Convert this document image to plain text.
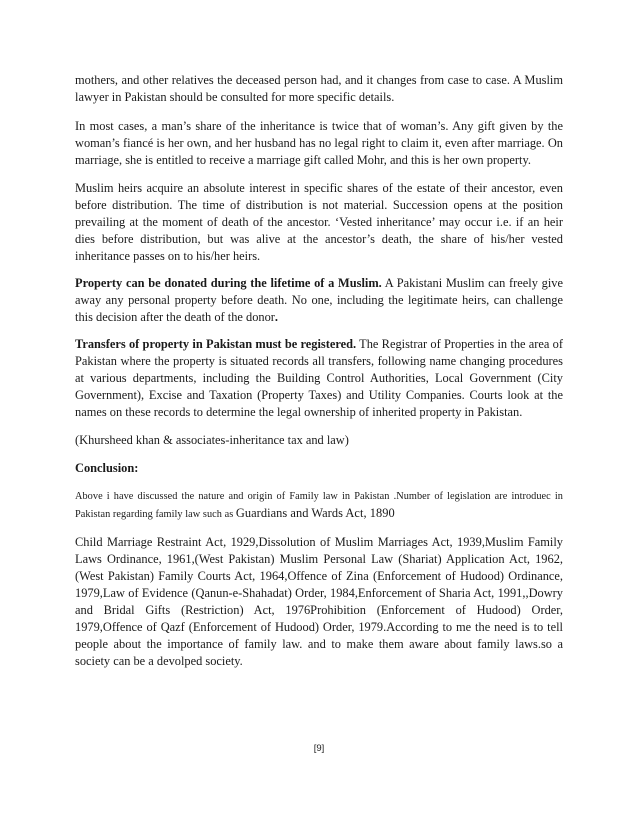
mothers, and other relatives the deceased person had, and it changes from case to case. A Muslim lawyer in Pakistan should be consulted for more specific details.

In most cases, a man’s share of the inheritance is twice that of woman’s. Any gift given by the woman’s fiancé is her own, and her husband has no legal right to claim it, even after marriage. On marriage, she is entitled to receive a marriage gift called Mohr, and this is her own property.

Muslim heirs acquire an absolute interest in specific shares of the estate of their ancestor, even before distribution. The time of distribution is not material. Succession opens at the position prevailing at the moment of death of the ancestor. ‘Vested inheritance’ may occur i.e. if an heir dies before distribution, but was alive at the ancestor’s death, the share of his/her vested inheritance passes on to his/her heirs.

Property can be donated during the lifetime of a Muslim. A Pakistani Muslim can freely give away any personal property before death. No one, including the legitimate heirs, can challenge this decision after the death of the donor.

Transfers of property in Pakistan must be registered. The Registrar of Properties in the area of Pakistan where the property is situated records all transfers, following name changing procedures at various departments, including the Building Control Authorities, Local Government (City Government), Excise and Taxation (Property Taxes) and Utility Companies. Courts look at the names on these records to determine the legal ownership of inherited property in Pakistan.

(Khursheed khan & associates-inheritance tax and law)

Conclusion:

Above i have discussed the nature and origin of Family law in Pakistan .Number of legislation are introduec in Pakistan regarding family law such as Guardians and Wards Act, 1890

Child Marriage Restraint Act, 1929,Dissolution of Muslim Marriages Act, 1939,Muslim Family Laws Ordinance, 1961,(West Pakistan) Muslim Personal Law (Shariat) Application Act, 1962, (West Pakistan) Family Courts Act, 1964,Offence of Zina (Enforcement of Hudood) Ordinance, 1979,Law of Evidence (Qanun-e-Shahadat) Order, 1984,Enforcement of Sharia Act, 1991,,Dowry and Bridal Gifts (Restriction) Act, 1976Prohibition (Enforcement of Hudood) Order, 1979,Offence of Qazf (Enforcement of Hudood) Order, 1979.According to me the need is to tell people about the importance of family law. and to make them aware about family laws.so a society can be a devolped society.

[9]
